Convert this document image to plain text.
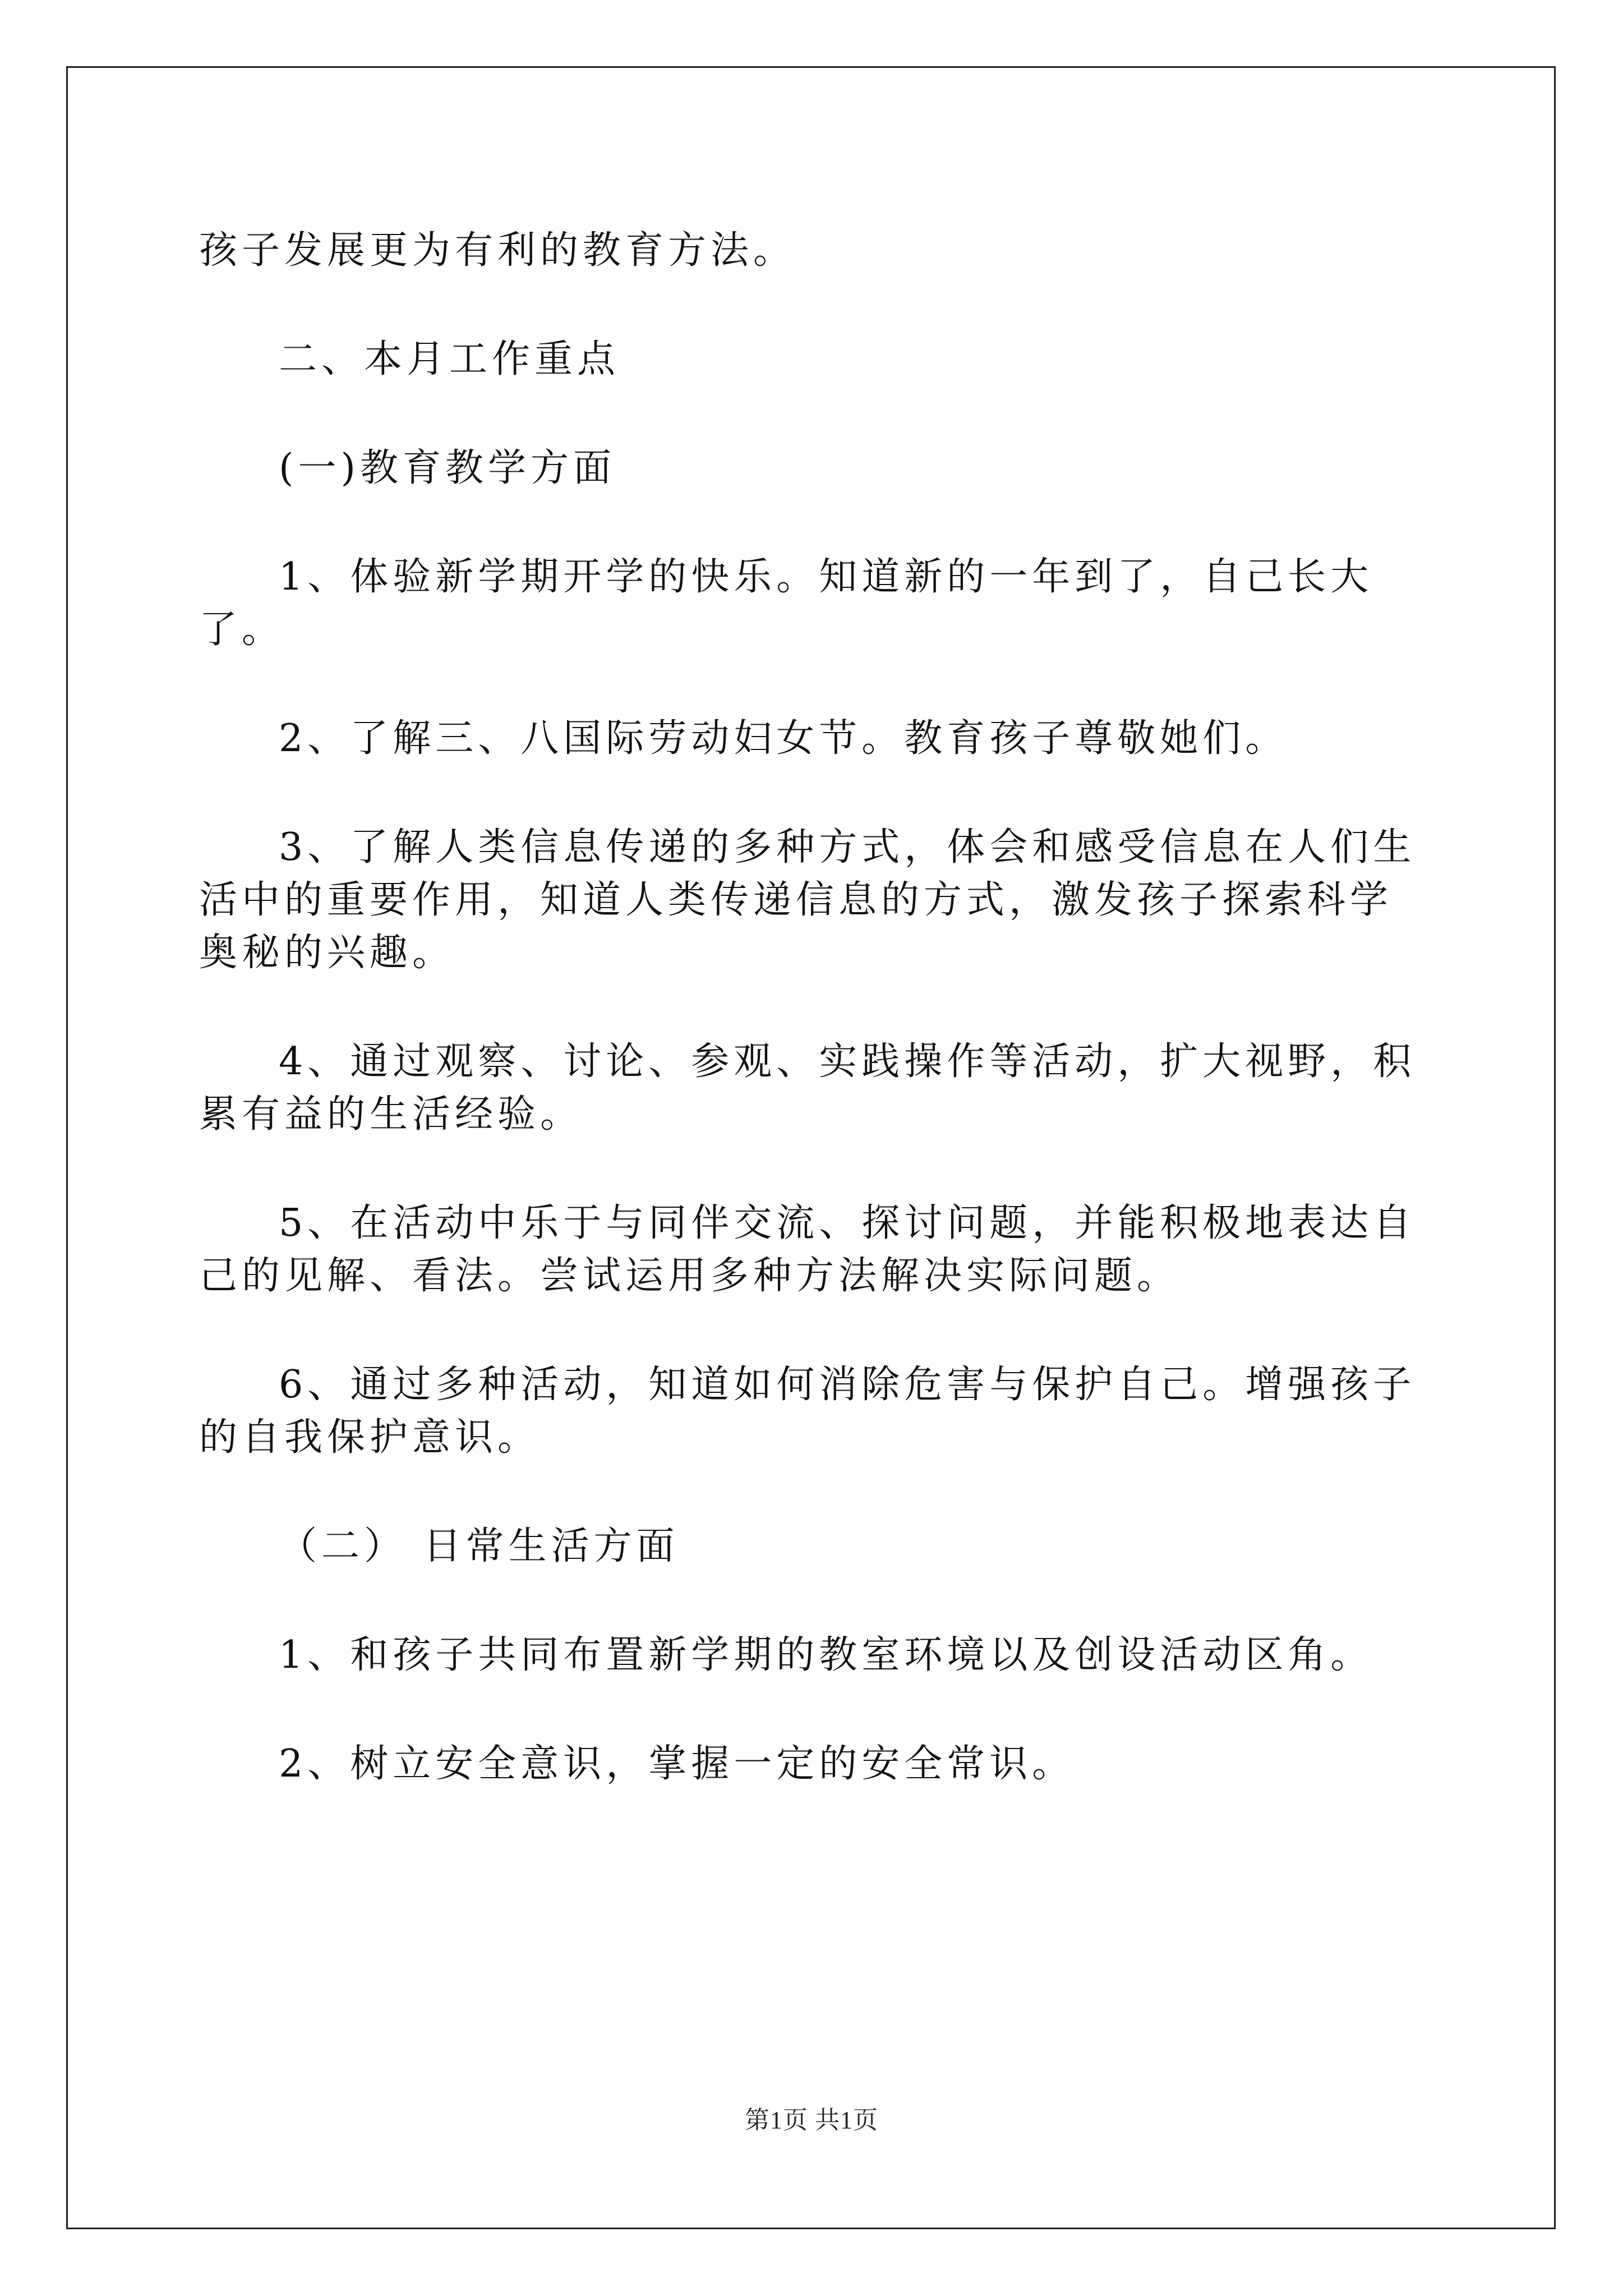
孩子发展更为有利的教育方法。

二、本月工作重点

(一)教育教学方面

1、体验新学期开学的快乐。知道新的一年到了，自己长大了。

2、了解三、八国际劳动妇女节。教育孩子尊敬她们。

3、了解人类信息传递的多种方式，体会和感受信息在人们生活中的重要作用，知道人类传递信息的方式，激发孩子探索科学奥秘的兴趣。

4、通过观察、讨论、参观、实践操作等活动，扩大视野，积累有益的生活经验。

5、在活动中乐于与同伴交流、探讨问题，并能积极地表达自己的见解、看法。尝试运用多种方法解决实际问题。

6、通过多种活动，知道如何消除危害与保护自己。增强孩子的自我保护意识。

（二） 日常生活方面

1、和孩子共同布置新学期的教室环境以及创设活动区角。

2、树立安全意识，掌握一定的安全常识。

第1页 共1页
